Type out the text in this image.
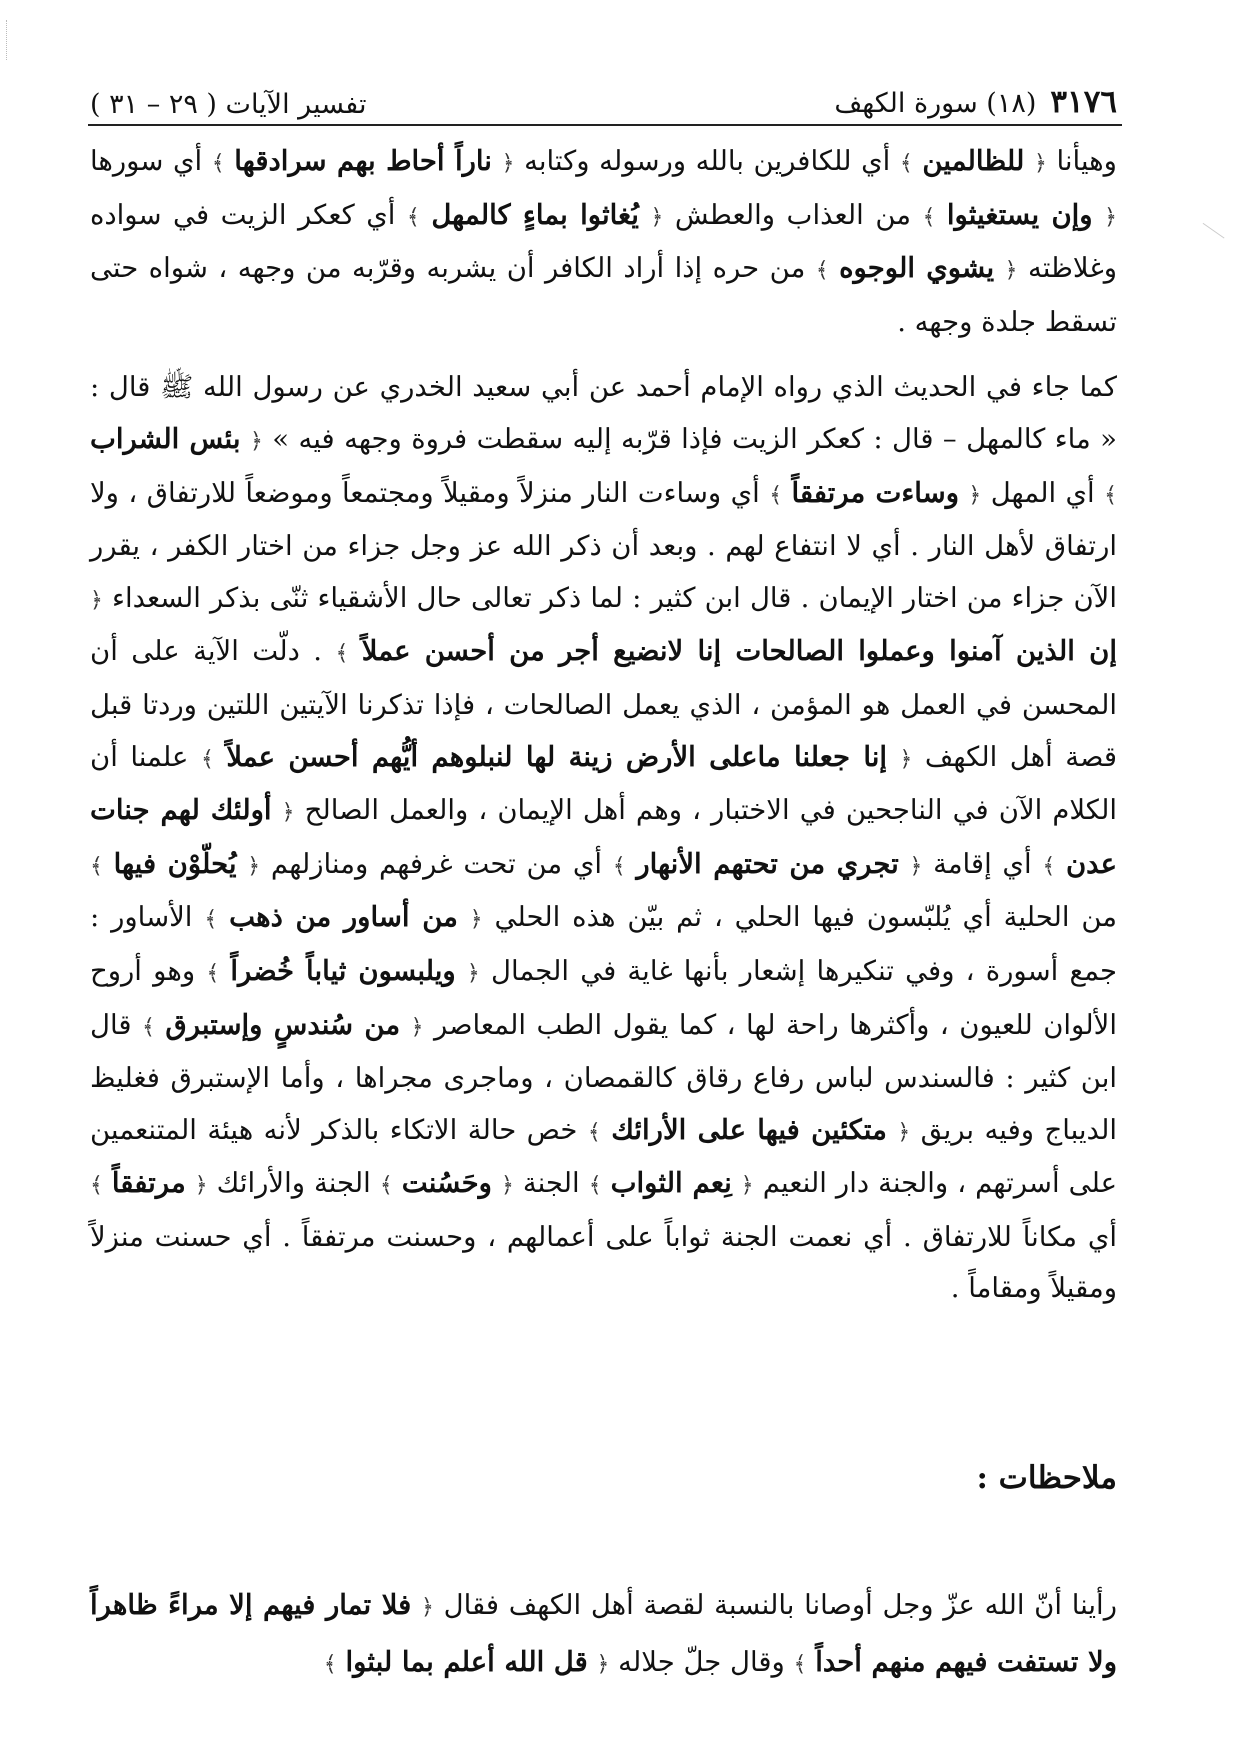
٣١٧٦
(١٨) سورة الكهف
تفسير الآيات ( ٢٩ – ٣١ )

وهيأنا ﴿ للظالمين ﴾ أي للكافرين بالله ورسوله وكتابه ﴿ ناراً أحاط بهم سرادقها ﴾ أي سورها ﴿ وإن يستغيثوا ﴾ من العذاب والعطش ﴿ يُغاثوا بماءٍ كالمهل ﴾ أي كعكر الزيت في سواده وغلاظته ﴿ يشوي الوجوه ﴾ من حره إذا أراد الكافر أن يشربه وقرّبه من وجهه ، شواه حتى تسقط جلدة وجهه .

كما جاء في الحديث الذي رواه الإمام أحمد عن أبي سعيد الخدري عن رسول الله ﷺ قال : « ماء كالمهل – قال : كعكر الزيت فإذا قرّبه إليه سقطت فروة وجهه فيه » ﴿ بئس الشراب ﴾ أي المهل ﴿ وساءت مرتفقاً ﴾ أي وساءت النار منزلاً ومقيلاً ومجتمعاً وموضعاً للارتفاق ، ولا ارتفاق لأهل النار . أي لا انتفاع لهم . وبعد أن ذكر الله عز وجل جزاء من اختار الكفر ، يقرر الآن جزاء من اختار الإيمان . قال ابن كثير : لما ذكر تعالى حال الأشقياء ثنّى بذكر السعداء ﴿ إن الذين آمنوا وعملوا الصالحات إنا لانضيع أجر من أحسن عملاً ﴾ . دلّت الآية على أن المحسن في العمل هو المؤمن ، الذي يعمل الصالحات ، فإذا تذكرنا الآيتين اللتين وردتا قبل قصة أهل الكهف ﴿ إنا جعلنا ماعلى الأرض زينة لها لنبلوهم أيُّهم أحسن عملاً ﴾ علمنا أن الكلام الآن في الناجحين في الاختبار ، وهم أهل الإيمان ، والعمل الصالح ﴿ أولئك لهم جنات عدن ﴾ أي إقامة ﴿ تجري من تحتهم الأنهار ﴾ أي من تحت غرفهم ومنازلهم ﴿ يُحلّوْن فيها ﴾ من الحلية أي يُلبّسون فيها الحلي ، ثم بيّن هذه الحلي ﴿ من أساور من ذهب ﴾ الأساور : جمع أسورة ، وفي تنكيرها إشعار بأنها غاية في الجمال ﴿ ويلبسون ثياباً خُضراً ﴾ وهو أروح الألوان للعيون ، وأكثرها راحة لها ، كما يقول الطب المعاصر ﴿ من سُندسٍ وإستبرق ﴾ قال ابن كثير : فالسندس لباس رفاع رقاق كالقمصان ، وماجرى مجراها ، وأما الإستبرق فغليظ الديباج وفيه بريق ﴿ متكئين فيها على الأرائك ﴾ خص حالة الاتكاء بالذكر لأنه هيئة المتنعمين على أسرتهم ، والجنة دار النعيم ﴿ نِعم الثواب ﴾ الجنة ﴿ وحَسُنت ﴾ الجنة والأرائك ﴿ مرتفقاً ﴾ أي مكاناً للارتفاق . أي نعمت الجنة ثواباً على أعمالهم ، وحسنت مرتفقاً . أي حسنت منزلاً ومقيلاً ومقاماً .

ملاحظات :

رأينا أنّ الله عزّ وجل أوصانا بالنسبة لقصة أهل الكهف فقال ﴿ فلا تمار فيهم إلا مراءً ظاهراً ولا تستفت فيهم منهم أحداً ﴾ وقال جلّ جلاله ﴿ قل الله أعلم بما لبثوا ﴾
